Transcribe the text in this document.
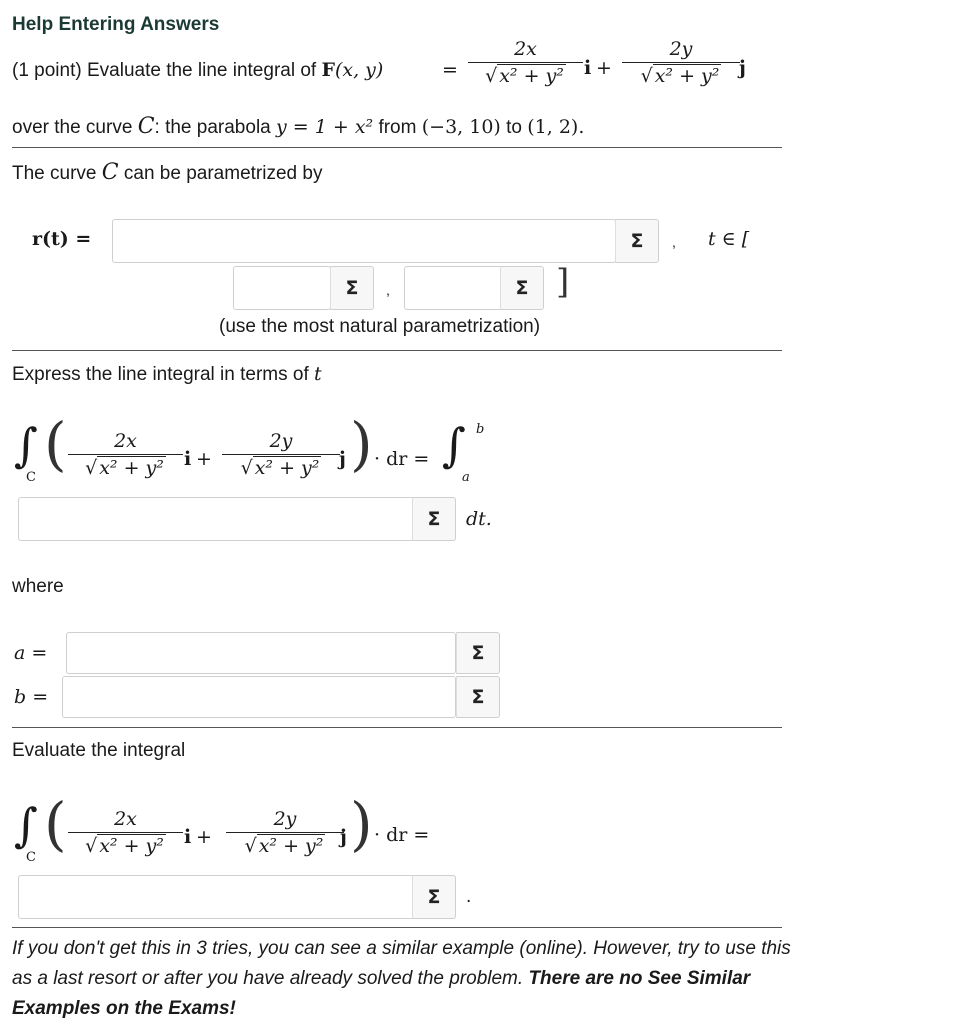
Help Entering Answers
(1 point) Evaluate the line integral of F(x, y)	=
2x
√ x² + y²	i +
2y
√ x² + y²	j
over the curve C: the parabola y = 1 + x² from (−3, 10) to (1, 2).
The curve C can be parametrized by
r(t) =	Σ	, t ∈ [
Σ	,	Σ ]
(use the most natural parametrization)
Express the line integral in terms of t
∫
C (	2x
√ x² + y²	i +
2y
√ x² + y²	j ) · dr = ∫ b
a
Σ	dt.
where
a =	Σ
b =	Σ
Evaluate the integral
∫
C (	2x
√ x² + y²	i +
2y
√ x² + y² j ) · dr =
Σ	.
If you don't get this in 3 tries, you can see a similar example (online). However, try to use this as a last resort or after you have already solved the problem. There are no See Similar Examples on the Exams!
